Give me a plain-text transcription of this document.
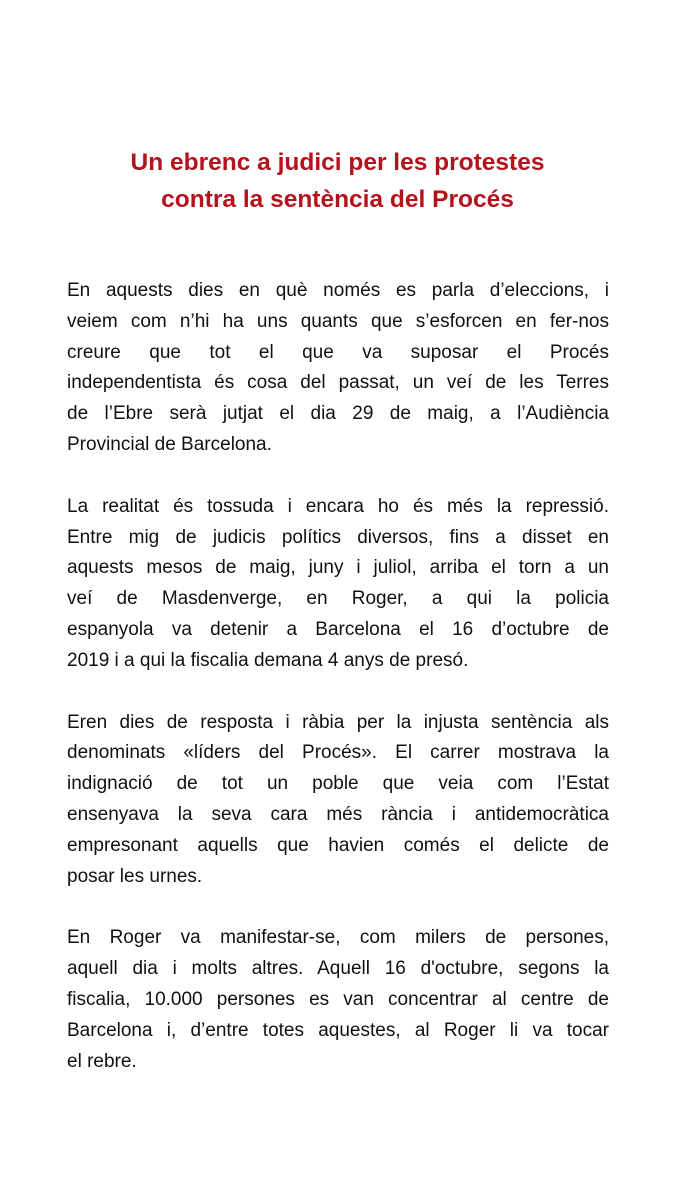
Un ebrenc a judici per les protestes
contra la sentència del Procés

En aquests dies en què només es parla d’eleccions, i
veiem com n’hi ha uns quants que s’esforcen en fer-nos
creure que tot el que va suposar el Procés
independentista és cosa del passat, un veí de les Terres
de l’Ebre serà jutjat el dia 29 de maig, a l’Audiència
Provincial de Barcelona.

La realitat és tossuda i encara ho és més la repressió.
Entre mig de judicis polítics diversos, fins a disset en
aquests mesos de maig, juny i juliol, arriba el torn a un
veí de Masdenverge, en Roger, a qui la policia
espanyola va detenir a Barcelona el 16 d’octubre de
2019 i a qui la fiscalia demana 4 anys de presó.

Eren dies de resposta i ràbia per la injusta sentència als
denominats «líders del Procés». El carrer mostrava la
indignació de tot un poble que veia com l’Estat
ensenyava la seva cara més rància i antidemocràtica
empresonant aquells que havien comés el delicte de
posar les urnes.

En Roger va manifestar-se, com milers de persones,
aquell dia i molts altres. Aquell 16 d'octubre, segons la
fiscalia, 10.000 persones es van concentrar al centre de
Barcelona i, d’entre totes aquestes, al Roger li va tocar
el rebre.
